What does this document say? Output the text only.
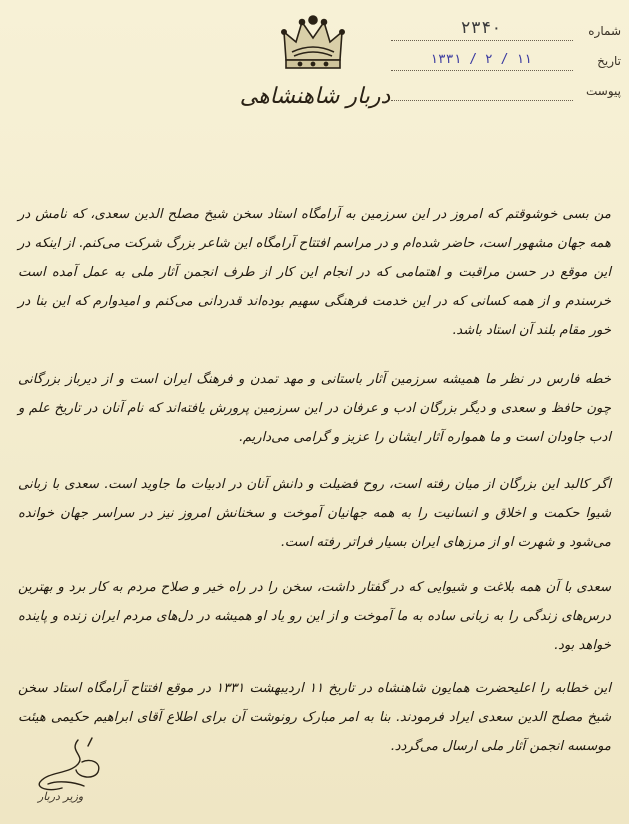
شماره
۲۳۴۰
تاریخ
۱۳۳۱ / ۲ / ۱۱
پیوست
دربار شاهنشاهی

من بسی خوشوقتم که امروز در این سرزمین به آرامگاه استاد سخن شیخ مصلح الدین سعدی، که نامش در همه جهان مشهور است، حاضر شده‌ام و در مراسم افتتاح آرامگاه این شاعر بزرگ شرکت می‌کنم. از اینکه در این موقع در حسن مراقبت و اهتمامی که در انجام این کار از طرف انجمن آثار ملی به عمل آمده است خرسندم و از همه کسانی که در این خدمت فرهنگی سهیم بوده‌اند قدردانی می‌کنم و امیدوارم که این بنا در خور مقام بلند آن استاد باشد.

خطه فارس در نظر ما همیشه سرزمین آثار باستانی و مهد تمدن و فرهنگ ایران است و از دیرباز بزرگانی چون حافظ و سعدی و دیگر بزرگان ادب و عرفان در این سرزمین پرورش یافته‌اند که نام آنان در تاریخ علم و ادب جاودان است و ما همواره آثار ایشان را عزیز و گرامی می‌داریم.

اگر کالبد این بزرگان از میان رفته است، روح فضیلت و دانش آنان در ادبیات ما جاوید است. سعدی با زبانی شیوا حکمت و اخلاق و انسانیت را به همه جهانیان آموخت و سخنانش امروز نیز در سراسر جهان خوانده می‌شود و شهرت او از مرزهای ایران بسیار فراتر رفته است.

سعدی با آن همه بلاغت و شیوایی که در گفتار داشت، سخن را در راه خیر و صلاح مردم به کار برد و بهترین درس‌های زندگی را به زبانی ساده به ما آموخت و از این رو یاد او همیشه در دل‌های مردم ایران زنده و پاینده خواهد بود.

این خطابه را اعلیحضرت همایون شاهنشاه در تاریخ ۱۱ اردیبهشت ۱۳۳۱ در موقع افتتاح آرامگاه استاد سخن شیخ مصلح الدین سعدی ایراد فرمودند. بنا به امر مبارک رونوشت آن برای اطلاع آقای ابراهیم حکیمی هیئت موسسه انجمن آثار ملی ارسال می‌گردد.

وزیر دربار
